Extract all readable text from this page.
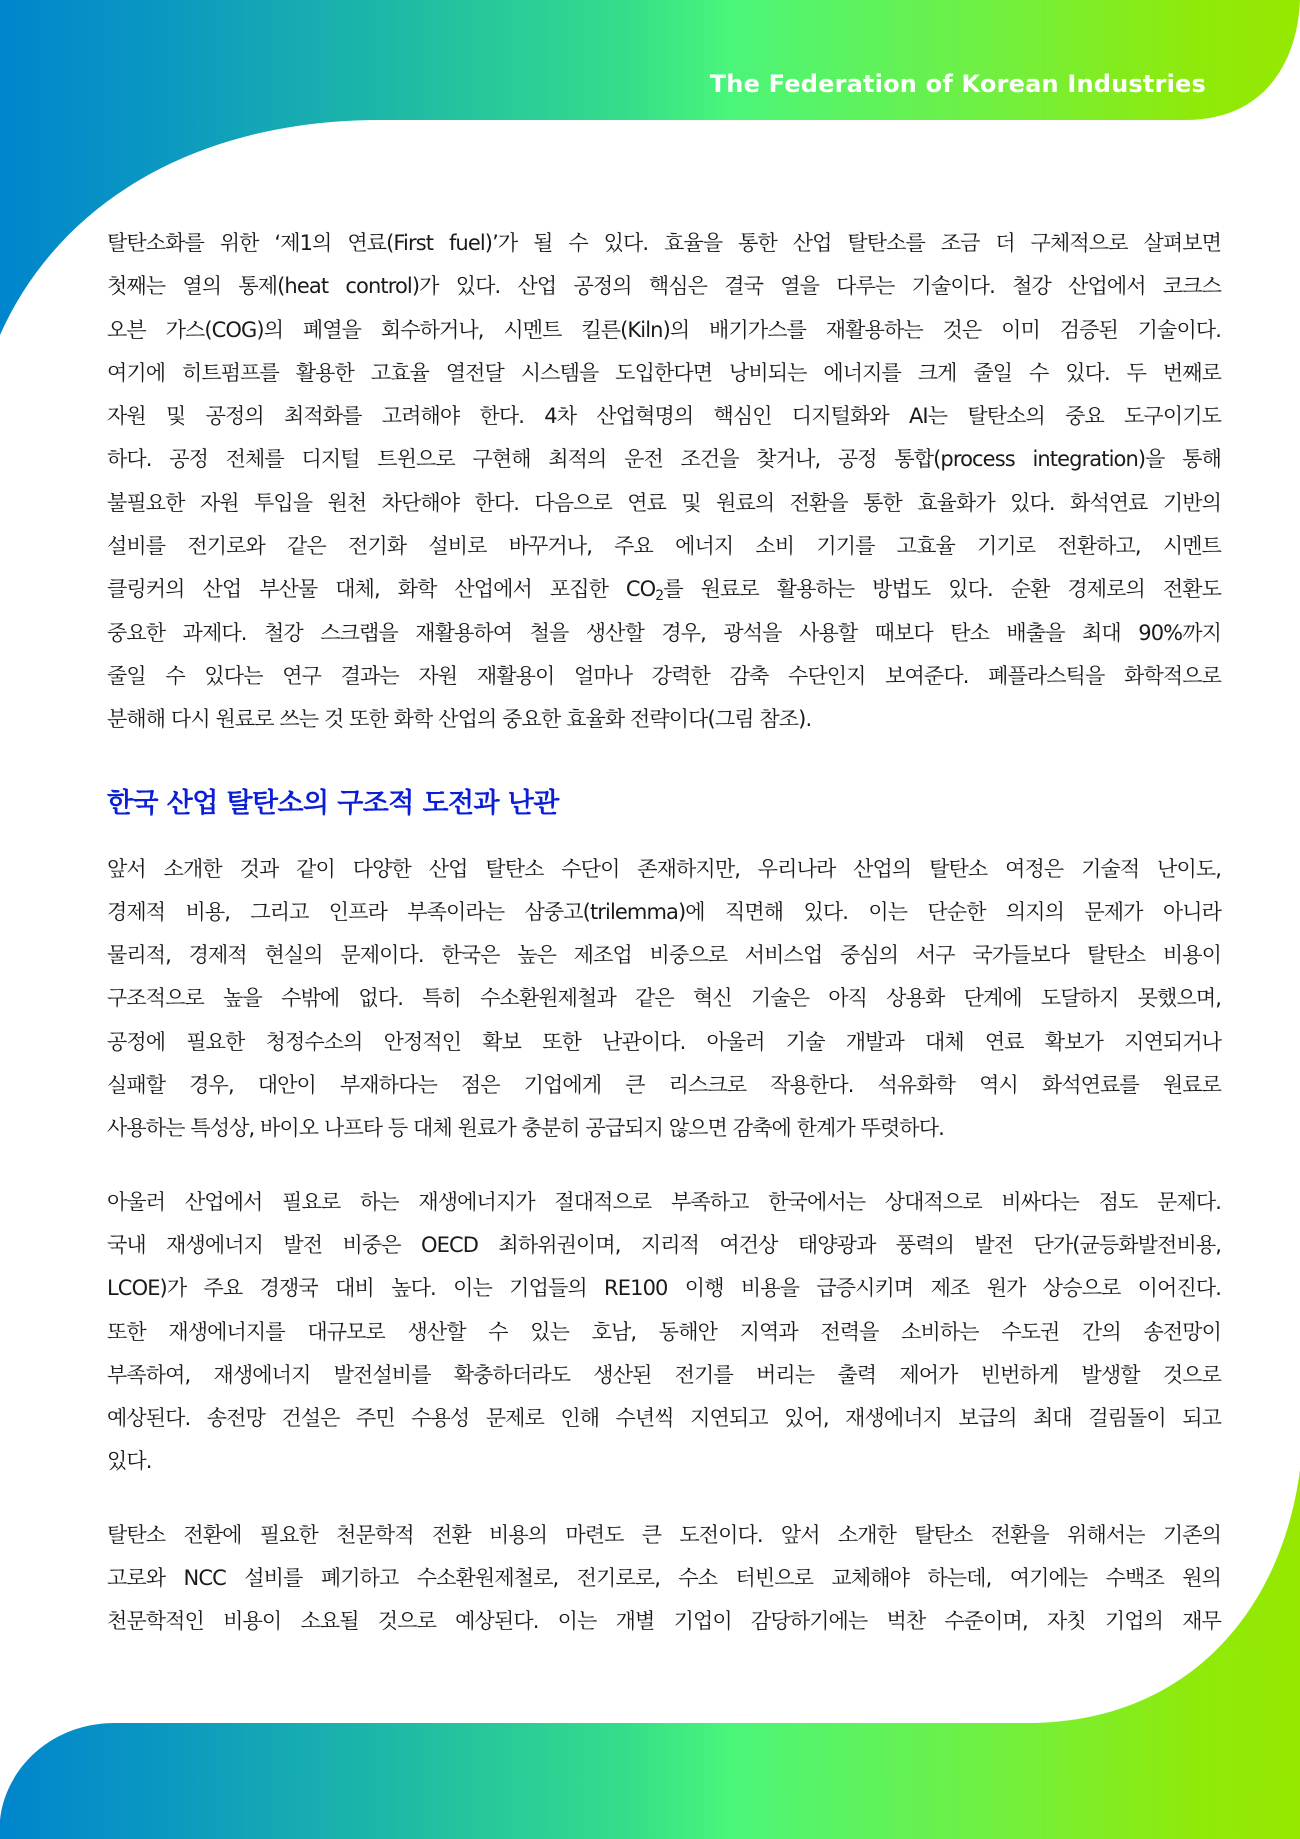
The Federation of Korean Industries

탈탄소화를 위한 ‘제1의 연료(First fuel)’가 될 수 있다. 효율을 통한 산업 탈탄소를 조금 더 구체적으로 살펴보면
첫째는 열의 통제(heat control)가 있다. 산업 공정의 핵심은 결국 열을 다루는 기술이다. 철강 산업에서 코크스
오븐 가스(COG)의 폐열을 회수하거나, 시멘트 킬른(Kiln)의 배기가스를 재활용하는 것은 이미 검증된 기술이다.
여기에 히트펌프를 활용한 고효율 열전달 시스템을 도입한다면 낭비되는 에너지를 크게 줄일 수 있다. 두 번째로
자원 및 공정의 최적화를 고려해야 한다. 4차 산업혁명의 핵심인 디지털화와 AI는 탈탄소의 중요 도구이기도
하다. 공정 전체를 디지털 트윈으로 구현해 최적의 운전 조건을 찾거나, 공정 통합(process integration)을 통해
불필요한 자원 투입을 원천 차단해야 한다. 다음으로 연료 및 원료의 전환을 통한 효율화가 있다. 화석연료 기반의
설비를 전기로와 같은 전기화 설비로 바꾸거나, 주요 에너지 소비 기기를 고효율 기기로 전환하고, 시멘트
클링커의 산업 부산물 대체, 화학 산업에서 포집한 $CO_2$를 원료로 활용하는 방법도 있다. 순환 경제로의 전환도
중요한 과제다. 철강 스크랩을 재활용하여 철을 생산할 경우, 광석을 사용할 때보다 탄소 배출을 최대 90%까지
줄일 수 있다는 연구 결과는 자원 재활용이 얼마나 강력한 감축 수단인지 보여준다. 폐플라스틱을 화학적으로
분해해 다시 원료로 쓰는 것 또한 화학 산업의 중요한 효율화 전략이다(그림 참조).

한국 산업 탈탄소의 구조적 도전과 난관

앞서 소개한 것과 같이 다양한 산업 탈탄소 수단이 존재하지만, 우리나라 산업의 탈탄소 여정은 기술적 난이도,
경제적 비용, 그리고 인프라 부족이라는 삼중고(trilemma)에 직면해 있다. 이는 단순한 의지의 문제가 아니라
물리적, 경제적 현실의 문제이다. 한국은 높은 제조업 비중으로 서비스업 중심의 서구 국가들보다 탈탄소 비용이
구조적으로 높을 수밖에 없다. 특히 수소환원제철과 같은 혁신 기술은 아직 상용화 단계에 도달하지 못했으며,
공정에 필요한 청정수소의 안정적인 확보 또한 난관이다. 아울러 기술 개발과 대체 연료 확보가 지연되거나
실패할 경우, 대안이 부재하다는 점은 기업에게 큰 리스크로 작용한다. 석유화학 역시 화석연료를 원료로
사용하는 특성상, 바이오 나프타 등 대체 원료가 충분히 공급되지 않으면 감축에 한계가 뚜렷하다.

아울러 산업에서 필요로 하는 재생에너지가 절대적으로 부족하고 한국에서는 상대적으로 비싸다는 점도 문제다.
국내 재생에너지 발전 비중은 OECD 최하위권이며, 지리적 여건상 태양광과 풍력의 발전 단가(균등화발전비용,
LCOE)가 주요 경쟁국 대비 높다. 이는 기업들의 RE100 이행 비용을 급증시키며 제조 원가 상승으로 이어진다.
또한 재생에너지를 대규모로 생산할 수 있는 호남, 동해안 지역과 전력을 소비하는 수도권 간의 송전망이
부족하여, 재생에너지 발전설비를 확충하더라도 생산된 전기를 버리는 출력 제어가 빈번하게 발생할 것으로
예상된다. 송전망 건설은 주민 수용성 문제로 인해 수년씩 지연되고 있어, 재생에너지 보급의 최대 걸림돌이 되고
있다.

탈탄소 전환에 필요한 천문학적 전환 비용의 마련도 큰 도전이다. 앞서 소개한 탈탄소 전환을 위해서는 기존의
고로와 NCC 설비를 폐기하고 수소환원제철로, 전기로로, 수소 터빈으로 교체해야 하는데, 여기에는 수백조 원의
천문학적인 비용이 소요될 것으로 예상된다. 이는 개별 기업이 감당하기에는 벅찬 수준이며, 자칫 기업의 재무
